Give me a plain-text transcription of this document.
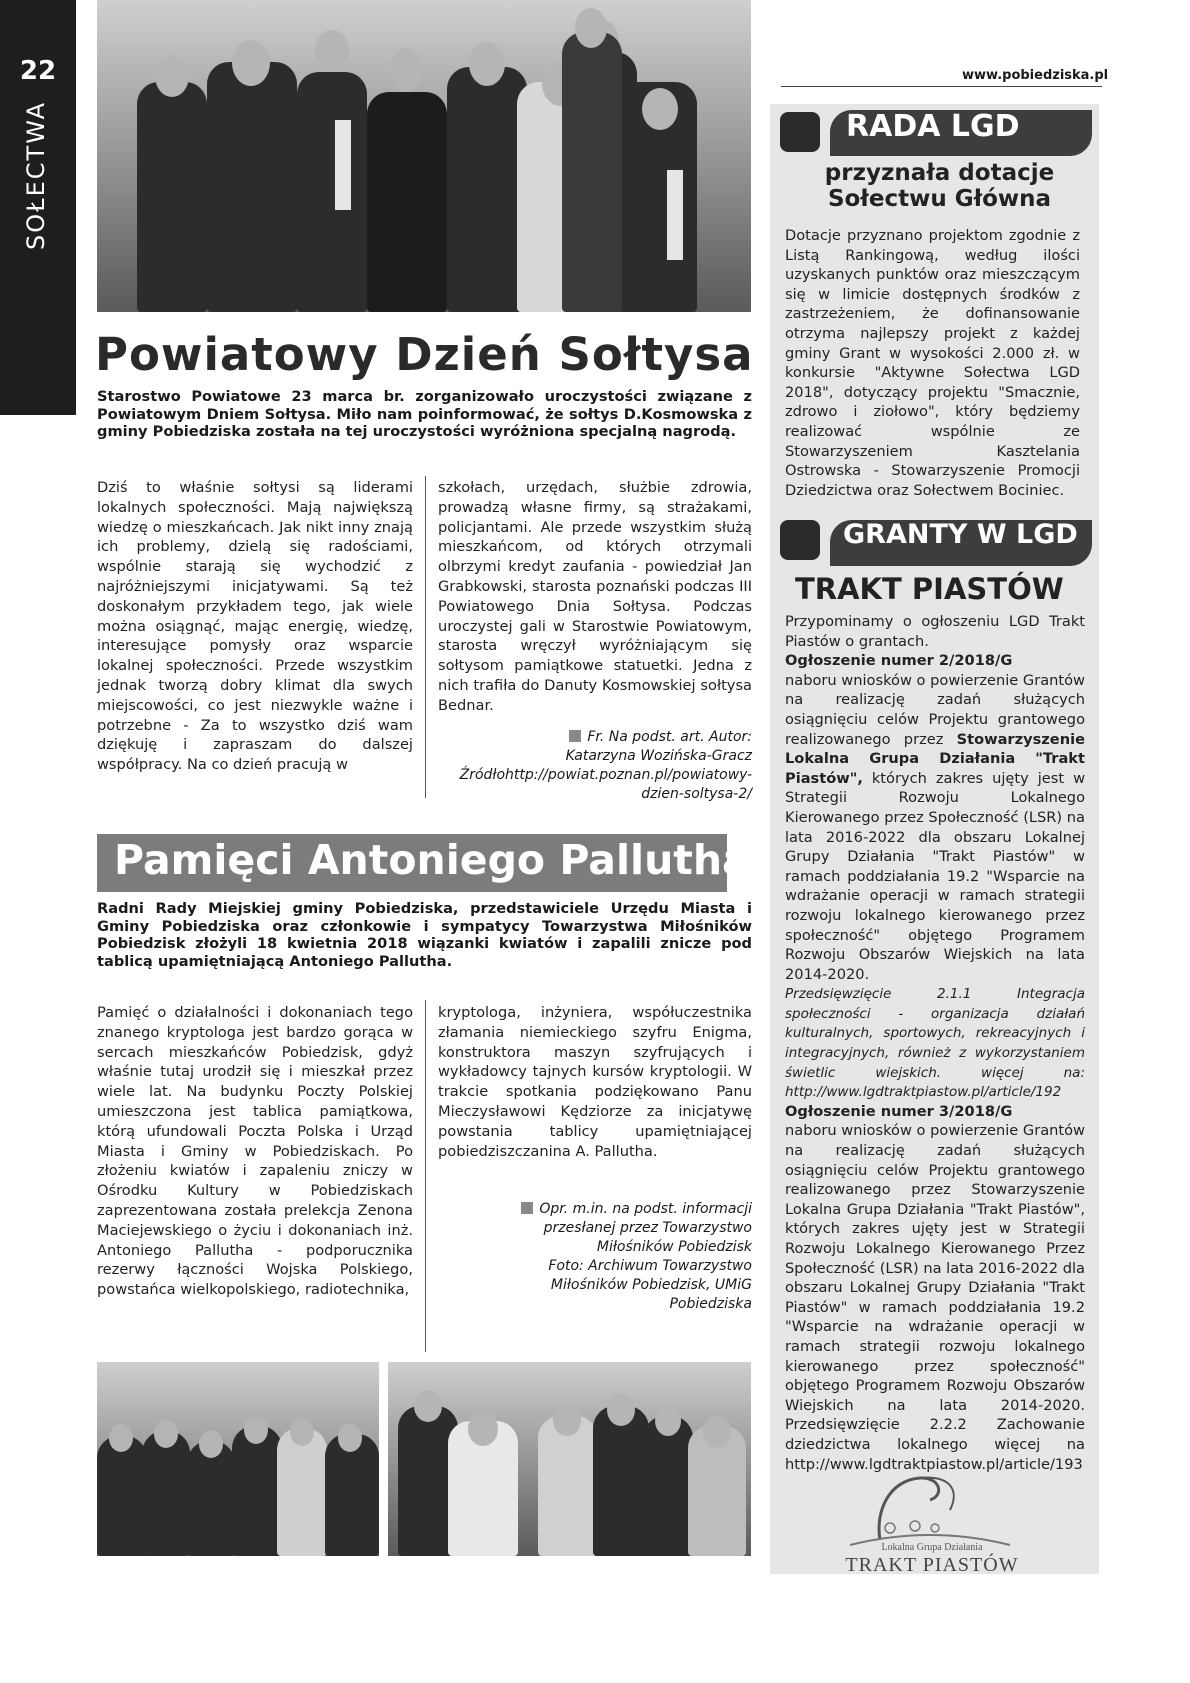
22
Powiatowy Dzień Sołtysa
Starostwo Powiatowe 23 marca br. zorganizowało uroczystości związane z Powiatowym Dniem Sołtysa. Miło nam poinformować, że sołtys D.Kosmowska z gminy Pobiedziska została na tej uroczystości wyróżniona specjalną nagrodą.
Dziś to właśnie sołtysi są liderami lokalnych społeczności. Mają największą wiedzę o mieszkańcach. Jak nikt inny znają ich problemy, dzielą się radościami, wspólnie starają się wychodzić z najróżniejszymi inicjatywami. Są też doskonałym przykładem tego, jak wiele można osiągnąć, mając energię, wiedzę, interesujące pomysły oraz wsparcie lokalnej społeczności. Przede wszystkim jednak tworzą dobry klimat dla swych miejscowości, co jest niezwykle ważne i potrzebne - Za to wszystko dziś wam dziękuję i zapraszam do dalszej współpracy. Na co dzień pracują w
szkołach, urzędach, służbie zdrowia, prowadzą własne firmy, są strażakami, policjantami. Ale przede wszystkim służą mieszkańcom, od których otrzymali olbrzymi kredyt zaufania - powiedział Jan Grabkowski, starosta poznański podczas III Powiatowego Dnia Sołtysa. Podczas uroczystej gali w Starostwie Powiatowym, starosta wręczył wyróżniającym się sołtysom pamiątkowe statuetki. Jedna z nich trafiła do Danuty Kosmowskiej sołtysa Bednar.
Fr. Na podst. art. Autor:
Katarzyna Wozińska-Gracz
Źródłohttp://powiat.poznan.pl/powiatowy-
dzien-soltysa-2/
Pamięci Antoniego Pallutha
Radni Rady Miejskiej gminy Pobiedziska, przedstawiciele Urzędu Miasta i Gminy Pobiedziska oraz członkowie i sympatycy Towarzystwa Miłośników Pobiedzisk złożyli 18 kwietnia 2018 wiązanki kwiatów i zapalili znicze pod tablicą upamiętniającą Antoniego Pallutha.
Pamięć o działalności i dokonaniach tego znanego kryptologa jest bardzo gorąca w sercach mieszkańców Pobiedzisk, gdyż właśnie tutaj urodził się i mieszkał przez wiele lat. Na budynku Poczty Polskiej umieszczona jest tablica pamiątkowa, którą ufundowali Poczta Polska i Urząd Miasta i Gminy w Pobiedziskach. Po złożeniu kwiatów i zapaleniu zniczy w Ośrodku Kultury w Pobiedziskach zaprezentowana została prelekcja Zenona Maciejewskiego o życiu i dokonaniach inż. Antoniego Pallutha - podporucznika rezerwy łączności Wojska Polskiego, powstańca wielkopolskiego, radiotechnika,
kryptologa, inżyniera, współuczestnika złamania niemieckiego szyfru Enigma, konstruktora maszyn szyfrujących i wykładowcy tajnych kursów kryptologii. W trakcie spotkania podziękowano Panu Mieczysławowi Kędziorze za inicjatywę powstania tablicy upamiętniającej pobiedziszczanina A. Pallutha.
Opr. m.in. na podst. informacji
przesłanej przez Towarzystwo
Miłośników Pobiedzisk
Foto: Archiwum Towarzystwo
Miłośników Pobiedzisk, UMiG
Pobiedziska
www.pobiedziska.pl
RADA LGD
przyznała dotacje
Sołectwu Główna
Dotacje przyznano projektom zgodnie z Listą Rankingową, według ilości uzyskanych punktów oraz mieszczącym się w limicie dostępnych środków z zastrzeżeniem, że dofinansowanie otrzyma najlepszy projekt z każdej gminy Grant w wysokości 2.000 zł. w konkursie "Aktywne Sołectwa LGD 2018", dotyczący projektu "Smacznie, zdrowo i ziołowo", który będziemy realizować wspólnie ze Stowarzyszeniem Kasztelania Ostrowska - Stowarzyszenie Promocji Dziedzictwa oraz Sołectwem Bociniec.
GRANTY W LGD
TRAKT PIASTÓW
Przypominamy o ogłoszeniu LGD Trakt Piastów o grantach.
Ogłoszenie numer 2/2018/G
naboru wniosków o powierzenie Grantów na realizację zadań służących osiągnięciu celów Projektu grantowego realizowanego przez Stowarzyszenie Lokalna Grupa Działania "Trakt Piastów", których zakres ujęty jest w Strategii Rozwoju Lokalnego Kierowanego przez Społeczność (LSR) na lata 2016-2022 dla obszaru Lokalnej Grupy Działania "Trakt Piastów" w ramach poddziałania 19.2 "Wsparcie na wdrażanie operacji w ramach strategii rozwoju lokalnego kierowanego przez społeczność" objętego Programem Rozwoju Obszarów Wiejskich na lata 2014-2020.
Przedsięwzięcie 2.1.1 Integracja społeczności - organizacja działań kulturalnych, sportowych, rekreacyjnych i integracyjnych, również z wykorzystaniem świetlic wiejskich. więcej na: http://www.lgdtraktpiastow.pl/article/192
Ogłoszenie numer 3/2018/G
naboru wniosków o powierzenie Grantów na realizację zadań służących osiągnięciu celów Projektu grantowego realizowanego przez Stowarzyszenie Lokalna Grupa Działania "Trakt Piastów", których zakres ujęty jest w Strategii Rozwoju Lokalnego Kierowanego Przez Społeczność (LSR) na lata 2016-2022 dla obszaru Lokalnej Grupy Działania "Trakt Piastów" w ramach poddziałania 19.2 "Wsparcie na wdrażanie operacji w ramach strategii rozwoju lokalnego kierowanego przez społeczność" objętego Programem Rozwoju Obszarów Wiejskich na lata 2014-2020. Przedsięwzięcie 2.2.2 Zachowanie dziedzictwa lokalnego więcej na http://www.lgdtraktpiastow.pl/article/193
Lokalna Grupa Działania
TRAKT PIASTÓW
